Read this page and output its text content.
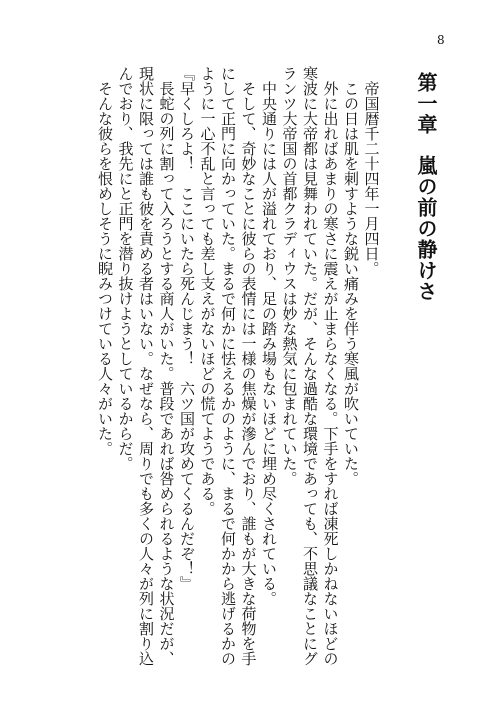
8
第一章嵐の前の静けさ
帝国暦千二十四年一月四日。
この日は肌を刺すような鋭い痛みを伴う寒風が吹いていた。
外に出ればあまりの寒さに震えが止まらなくなる。下手をすれば凍死しかねないほどの
寒波に大帝都は見舞われていた。だが、そんな過酷な環境であっても、不思議なことにグ
ランツ大帝国の首都クラディウスは妙な熱気に包まれていた。
中央通りには人が溢れており、足の踏み場もないほどに埋め尽くされている。
そして、奇妙なことに彼らの表情には一様の焦燥が滲んでおり、誰もが大きな荷物を手
にして正門に向かっていた。まるで何かに怯えるかのように、まるで何かから逃げるかの
ように一心不乱と言っても差し支えがないほどの慌てようである。
『早くしろよ！　ここにいたら死んじまう！　六ツ国が攻めてくるんだぞ！』
長蛇の列に割って入ろうとする商人がいた。普段であれば咎められるような状況だが、
現状に限っては誰も彼を責める者はいない。なぜなら、周りでも多くの人々が列に割り込
んでおり、我先にと正門を潜り抜けようとしているからだ。
そんな彼らを恨めしそうに睨みつけている人々がいた。
